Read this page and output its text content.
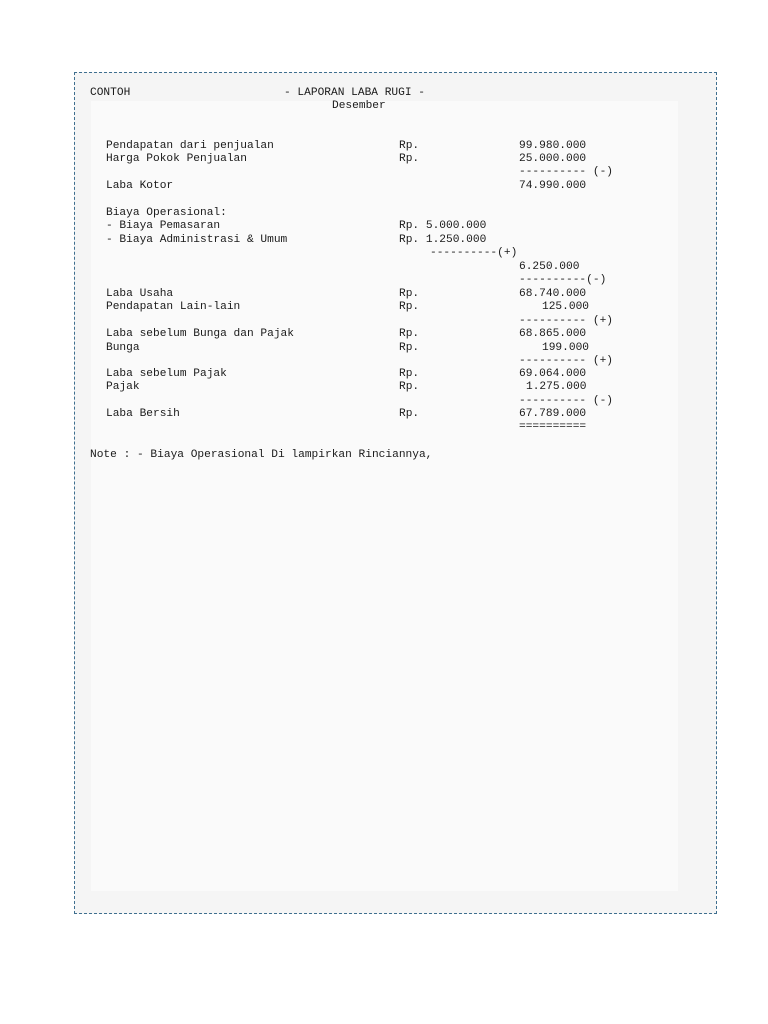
CONTOH	- LAPORAN LABA RUGI -
Desember
Pendapatan dari penjualan	Rp.	99.980.000
Harga Pokok Penjualan	Rp.	25.000.000
---------- (-)
Laba Kotor	74.990.000
Biaya Operasional:
- Biaya Pemasaran	Rp. 5.000.000
- Biaya Administrasi & Umum	Rp. 1.250.000
----------(+)
6.250.000
----------(-)
Laba Usaha	Rp.	68.740.000
Pendapatan Lain-lain	Rp.	125.000
---------- (+)
Laba sebelum Bunga dan Pajak	Rp.	68.865.000
Bunga	Rp.	199.000
---------- (+)
Laba sebelum Pajak	Rp.	69.064.000
Pajak	Rp.	1.275.000
---------- (-)
Laba Bersih	Rp.	67.789.000
==========
Note : - Biaya Operasional Di lampirkan Rinciannya,
